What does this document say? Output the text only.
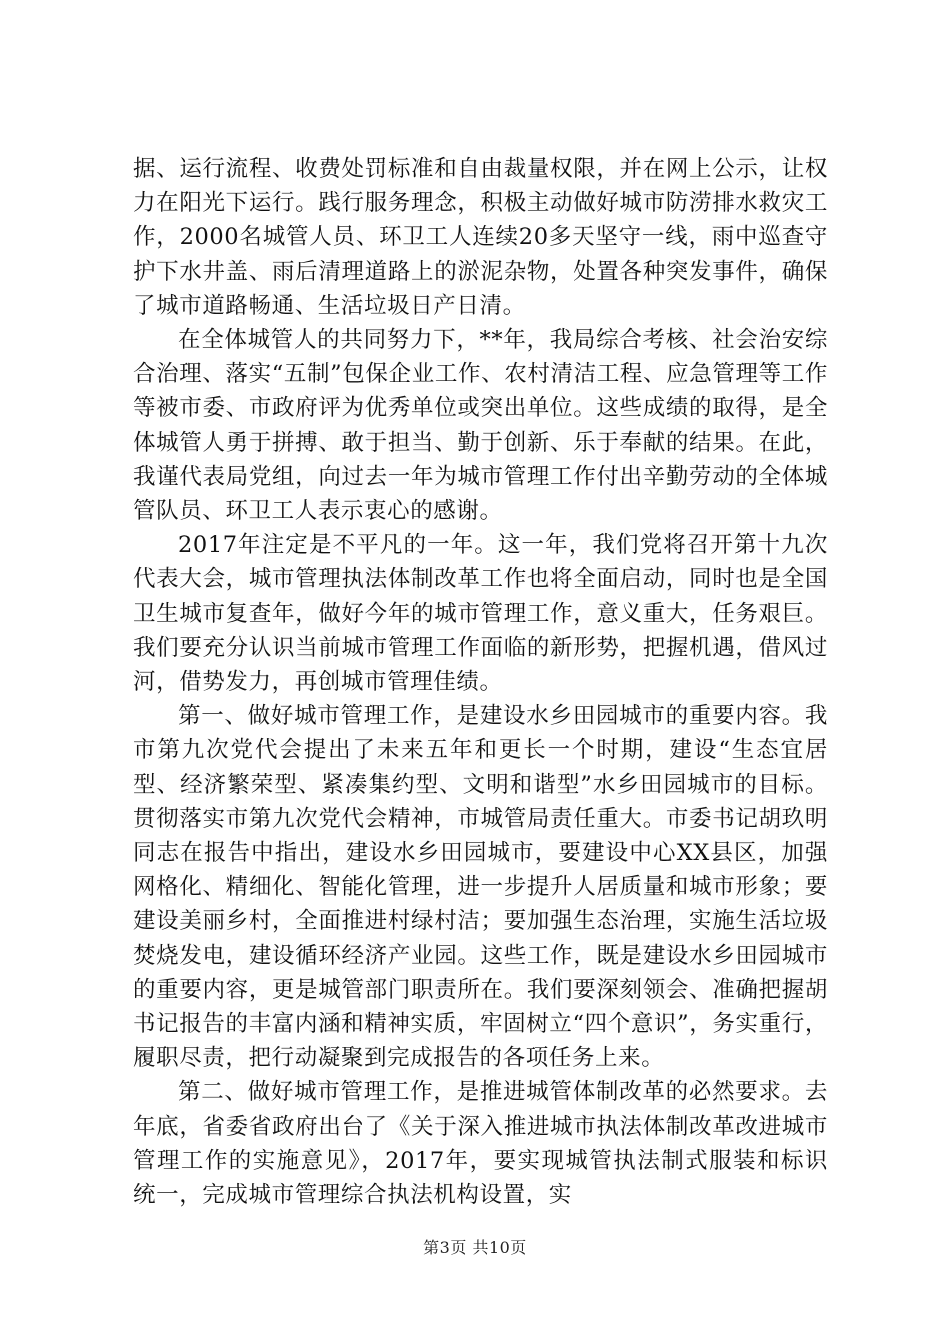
据、运行流程、收费处罚标准和自由裁量权限，并在网上公示，让权力在阳光下运行。践行服务理念，积极主动做好城市防涝排水救灾工作，2000名城管人员、环卫工人连续20多天坚守一线，雨中巡查守护下水井盖、雨后清理道路上的淤泥杂物，处置各种突发事件，确保了城市道路畅通、生活垃圾日产日清。

在全体城管人的共同努力下，**年，我局综合考核、社会治安综合治理、落实“五制”包保企业工作、农村清洁工程、应急管理等工作等被市委、市政府评为优秀单位或突出单位。这些成绩的取得，是全体城管人勇于拼搏、敢于担当、勤于创新、乐于奉献的结果。在此，我谨代表局党组，向过去一年为城市管理工作付出辛勤劳动的全体城管队员、环卫工人表示衷心的感谢。

2017年注定是不平凡的一年。这一年，我们党将召开第十九次代表大会，城市管理执法体制改革工作也将全面启动，同时也是全国卫生城市复查年，做好今年的城市管理工作，意义重大，任务艰巨。我们要充分认识当前城市管理工作面临的新形势，把握机遇，借风过河，借势发力，再创城市管理佳绩。

第一、做好城市管理工作，是建设水乡田园城市的重要内容。我市第九次党代会提出了未来五年和更长一个时期，建设“生态宜居型、经济繁荣型、紧凑集约型、文明和谐型”水乡田园城市的目标。贯彻落实市第九次党代会精神，市城管局责任重大。市委书记胡玖明同志在报告中指出，建设水乡田园城市，要建设中心XX县区，加强网格化、精细化、智能化管理，进一步提升人居质量和城市形象；要建设美丽乡村，全面推进村绿村洁；要加强生态治理，实施生活垃圾焚烧发电，建设循环经济产业园。这些工作，既是建设水乡田园城市的重要内容，更是城管部门职责所在。我们要深刻领会、准确把握胡书记报告的丰富内涵和精神实质，牢固树立“四个意识”，务实重行，履职尽责，把行动凝聚到完成报告的各项任务上来。

第二、做好城市管理工作，是推进城管体制改革的必然要求。去年底，省委省政府出台了《关于深入推进城市执法体制改革改进城市管理工作的实施意见》，2017年，要实现城管执法制式服装和标识统一，完成城市管理综合执法机构设置，实

第3页 共10页
